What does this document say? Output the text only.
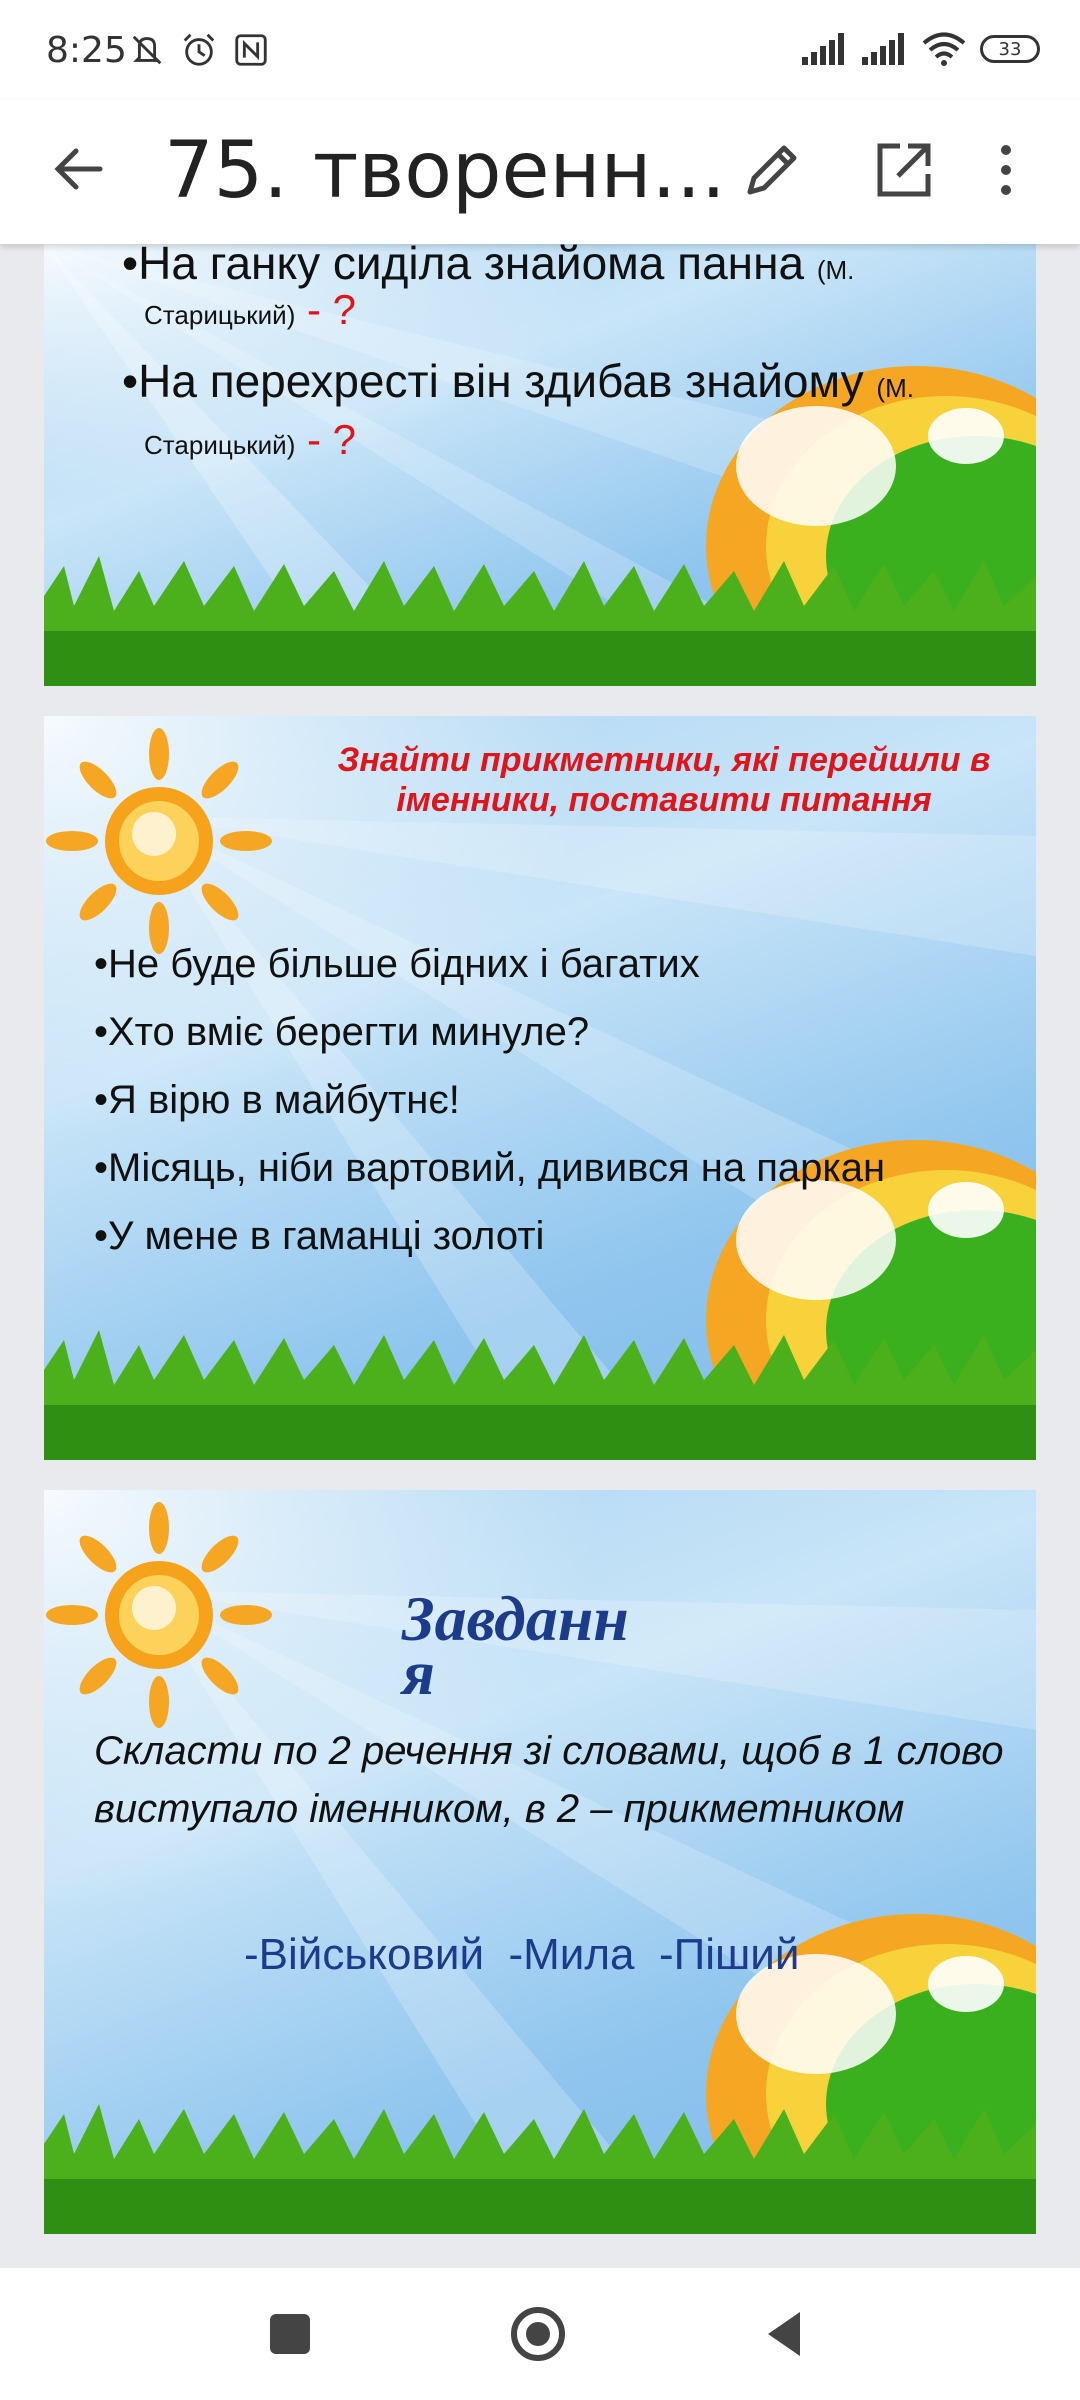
8:25	33
75. творенн...
•На ганку сиділа знайома панна (М.
Старицький) - ?
•На перехресті він здибав знайому (М.
Старицький) - ?
Знайти прикметники, які перейшли в іменники, поставити питання
•Не буде більше бідних і багатих
•Хто вміє берегти минуле?
•Я вірю в майбутнє!
•Місяць, ніби вартовий, дивився на паркан
•У мене в гаманці золоті
Завданн
я
Скласти по 2 речення зі словами, щоб в 1 слово виступало іменником, в 2 – прикметником
-Військовий  -Мила  -Піший
